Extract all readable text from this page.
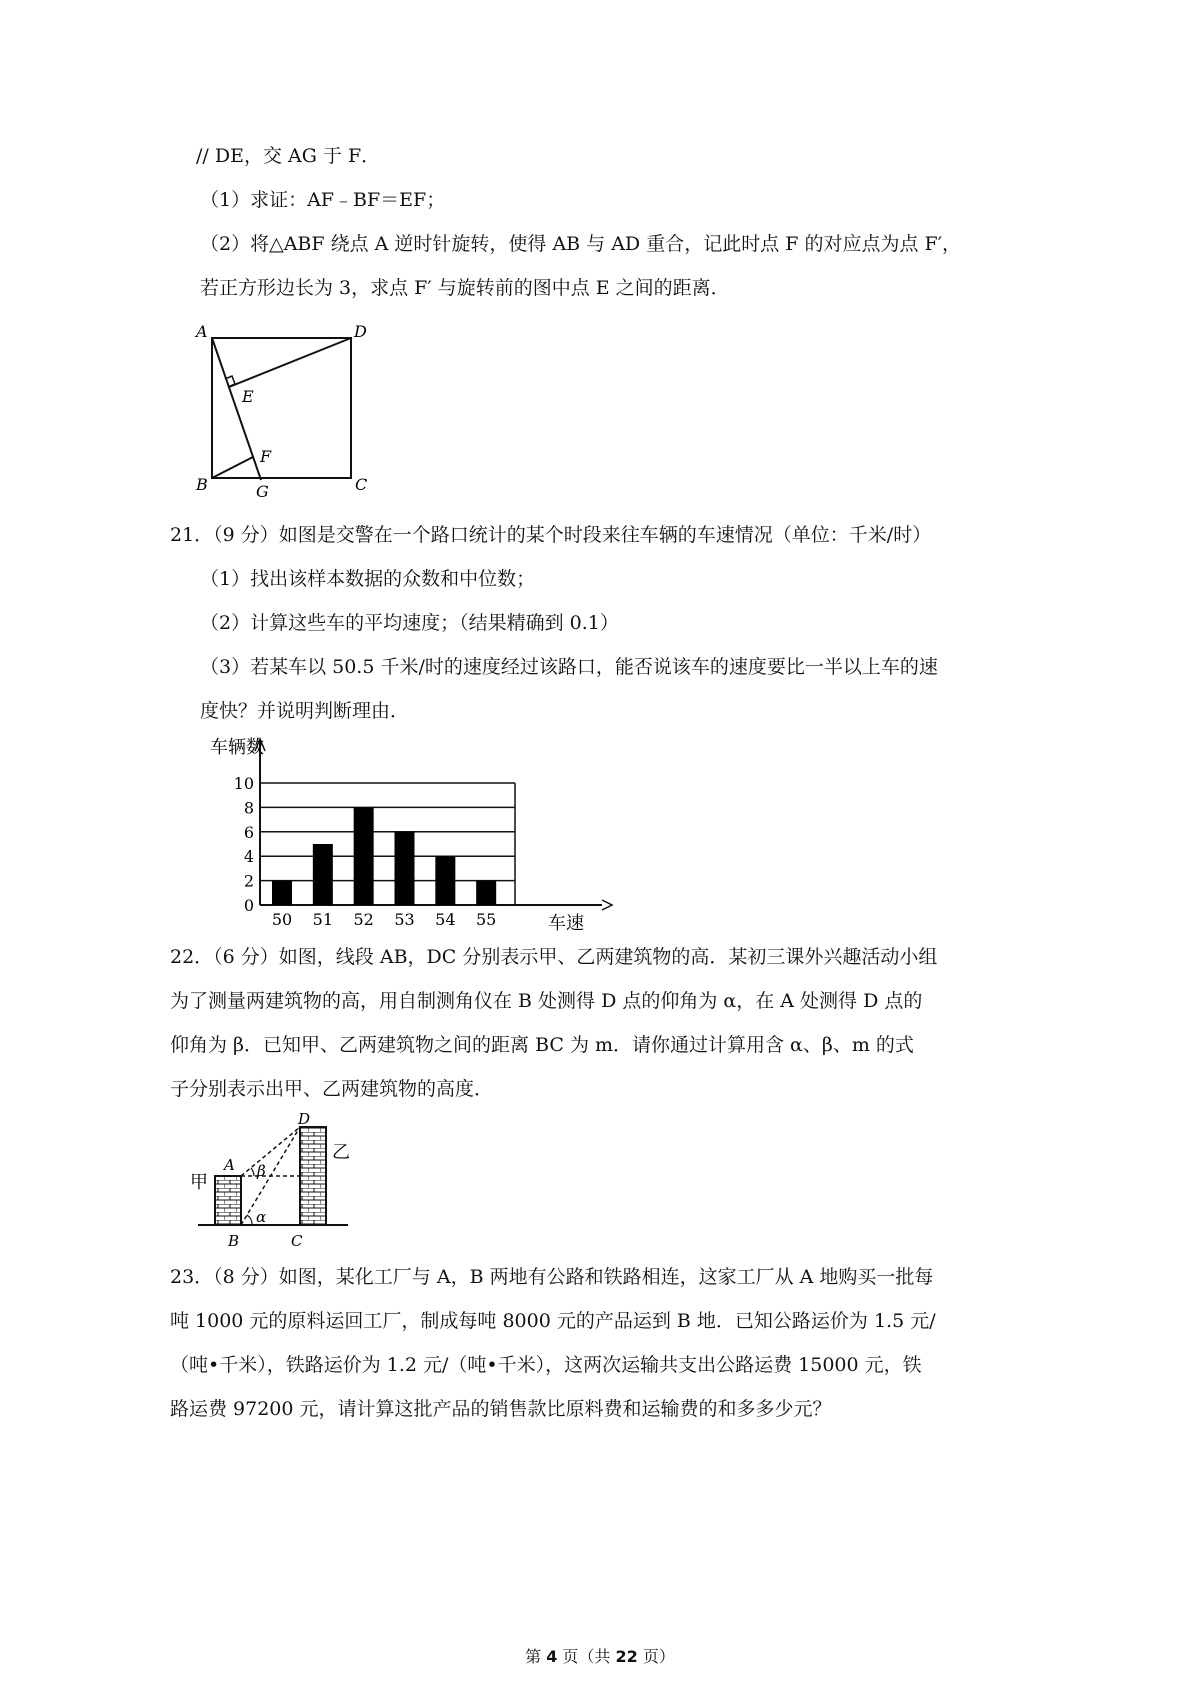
// DE，交 AG 于 F．
（1）求证：AF﹣BF＝EF；
（2）将△ABF 绕点 A 逆时针旋转，使得 AB 与 AD 重合，记此时点 F 的对应点为点 F′，
若正方形边长为 3，求点 F′ 与旋转前的图中点 E 之间的距离．
A	D
B	C
E
F
G
21．（9 分）如图是交警在一个路口统计的某个时段来往车辆的车速情况（单位：千米/时）
（1）找出该样本数据的众数和中位数；
（2）计算这些车的平均速度；（结果精确到 0.1）
（3）若某车以 50.5 千米/时的速度经过该路口，能否说该车的速度要比一半以上车的速
度快？并说明判断理由．
0
2
4
6
8
10
50 51 52 53 54 55
车辆数
车速
22．（6 分）如图，线段 AB，DC 分别表示甲、乙两建筑物的高．某初三课外兴趣活动小组
为了测量两建筑物的高，用自制测角仪在 B 处测得 D 点的仰角为 α，在 A 处测得 D 点的
仰角为 β．已知甲、乙两建筑物之间的距离 BC 为 m．请你通过计算用含 α、β、m 的式
子分别表示出甲、乙两建筑物的高度．
A
B	C
D
甲
乙
α
β
23．（8 分）如图，某化工厂与 A，B 两地有公路和铁路相连，这家工厂从 A 地购买一批每
吨 1000 元的原料运回工厂，制成每吨 8000 元的产品运到 B 地．已知公路运价为 1.5 元/
（吨•千米），铁路运价为 1.2 元/（吨•千米），这两次运输共支出公路运费 15000 元，铁
路运费 97200 元，请计算这批产品的销售款比原料费和运输费的和多多少元？
第 4 页（共 22 页）
